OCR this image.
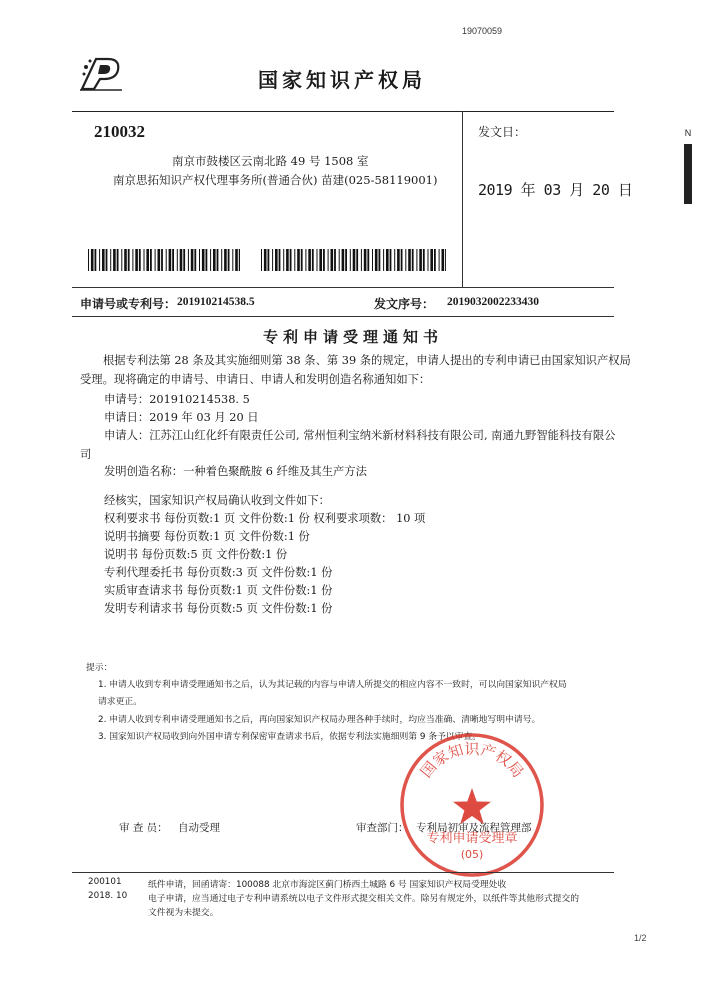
19070059
国家知识产权局
210032
南京市鼓楼区云南北路 49 号 1508 室
南京思拓知识产权代理事务所(普通合伙) 苗建(025-58119001)
发文日：
2019 年 03 月 20 日
N
申请号或专利号： 201910214538.5	发文序号： 2019032002233430
专利申请受理通知书
根据专利法第 28 条及其实施细则第 38 条、第 39 条的规定，申请人提出的专利申请已由国家知识产权局
受理。现将确定的申请号、申请日、申请人和发明创造名称通知如下：
申请号：201910214538. 5
申请日：2019 年 03 月 20 日
申请人：江苏江山红化纤有限责任公司, 常州恒利宝纳米新材料科技有限公司, 南通九野智能科技有限公
司
发明创造名称：一种着色聚酰胺 6 纤维及其生产方法
经核实，国家知识产权局确认收到文件如下：
权利要求书 每份页数:1 页 文件份数:1 份 权利要求项数： 10 项
说明书摘要 每份页数:1 页 文件份数:1 份
说明书 每份页数:5 页 文件份数:1 份
专利代理委托书 每份页数:3 页 文件份数:1 份
实质审查请求书 每份页数:1 页 文件份数:1 份
发明专利请求书 每份页数:5 页 文件份数:1 份
提示：
1. 申请人收到专利申请受理通知书之后，认为其记载的内容与申请人所提交的相应内容不一致时，可以向国家知识产权局
请求更正。
2. 申请人收到专利申请受理通知书之后，再向国家知识产权局办理各种手续时，均应当准确、清晰地写明申请号。
3. 国家知识产权局收到向外国申请专利保密审查请求书后，依据专利法实施细则第 9 条予以审查。
国家知识产权局
专利申请受理章
(05)
审 查 员： 自动受理	审查部门： 专利局初审及流程管理部
200101	纸件申请，回函请寄：100088 北京市海淀区蓟门桥西土城路 6 号 国家知识产权局受理处收
2018. 10 电子申请，应当通过电子专利申请系统以电子文件形式提交相关文件。除另有规定外，以纸件等其他形式提交的
文件视为未提交。
1/2
